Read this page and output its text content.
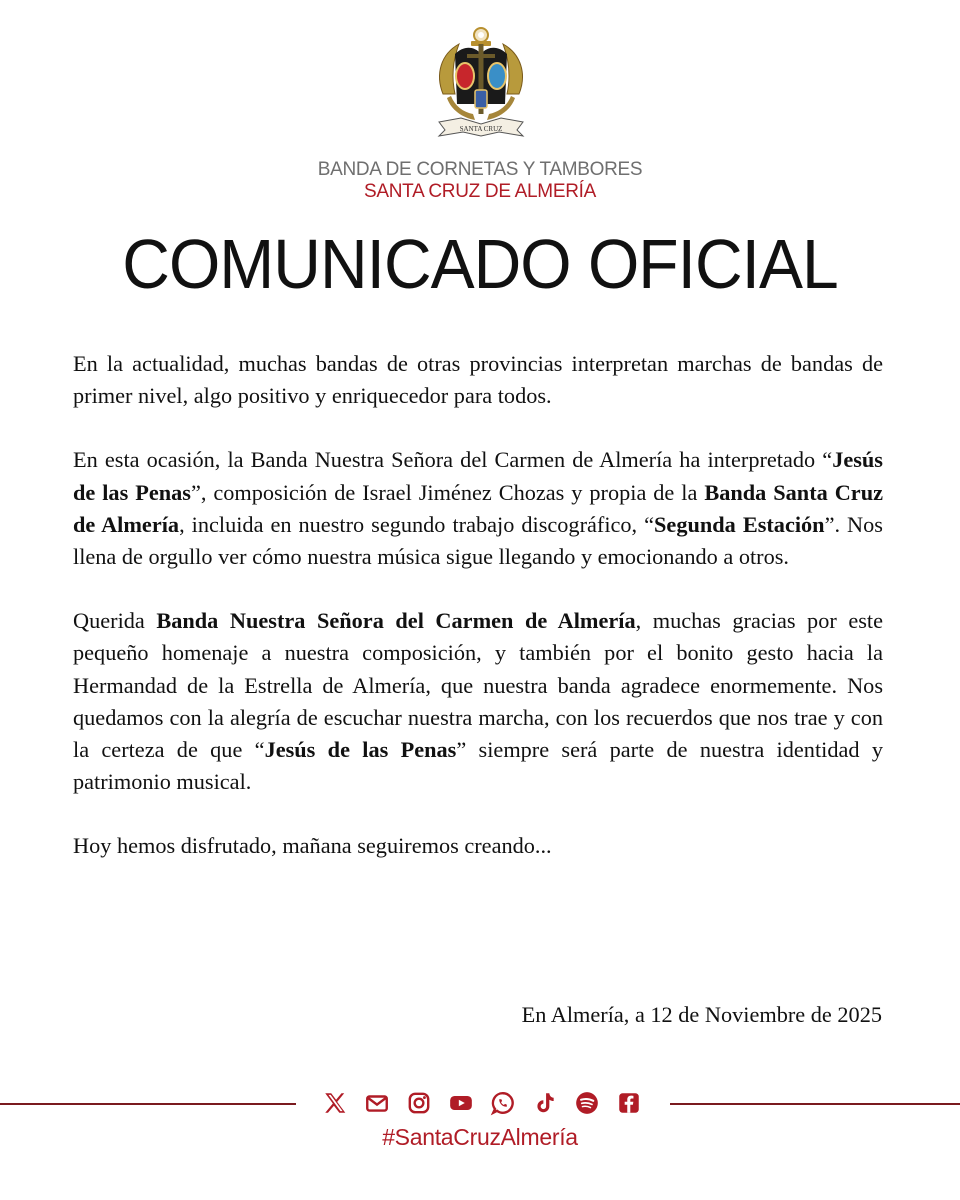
SANTA CRUZ
BANDA DE CORNETAS Y TAMBORES
SANTA CRUZ DE ALMERÍA
COMUNICADO OFICIAL

En la actualidad, muchas bandas de otras provincias interpretan marchas de bandas de primer nivel, algo positivo y enriquecedor para todos.

En esta ocasión, la Banda Nuestra Señora del Carmen de Almería ha interpretado “Jesús de las Penas”, composición de Israel Jiménez Chozas y propia de la Banda Santa Cruz de Almería, incluida en nuestro segundo trabajo discográfico, “Segunda Estación”. Nos llena de orgullo ver cómo nuestra música sigue llegando y emocionando a otros.

Querida Banda Nuestra Señora del Carmen de Almería, muchas gracias por este pequeño homenaje a nuestra composición, y también por el bonito gesto hacia la Hermandad de la Estrella de Almería, que nuestra banda agradece enormemente. Nos quedamos con la alegría de escuchar nuestra marcha, con los recuerdos que nos trae y con la certeza de que “Jesús de las Penas” siempre será parte de nuestra identidad y patrimonio musical.

Hoy hemos disfrutado, mañana seguiremos creando...

En Almería, a 12 de Noviembre de 2025
#SantaCruzAlmería
